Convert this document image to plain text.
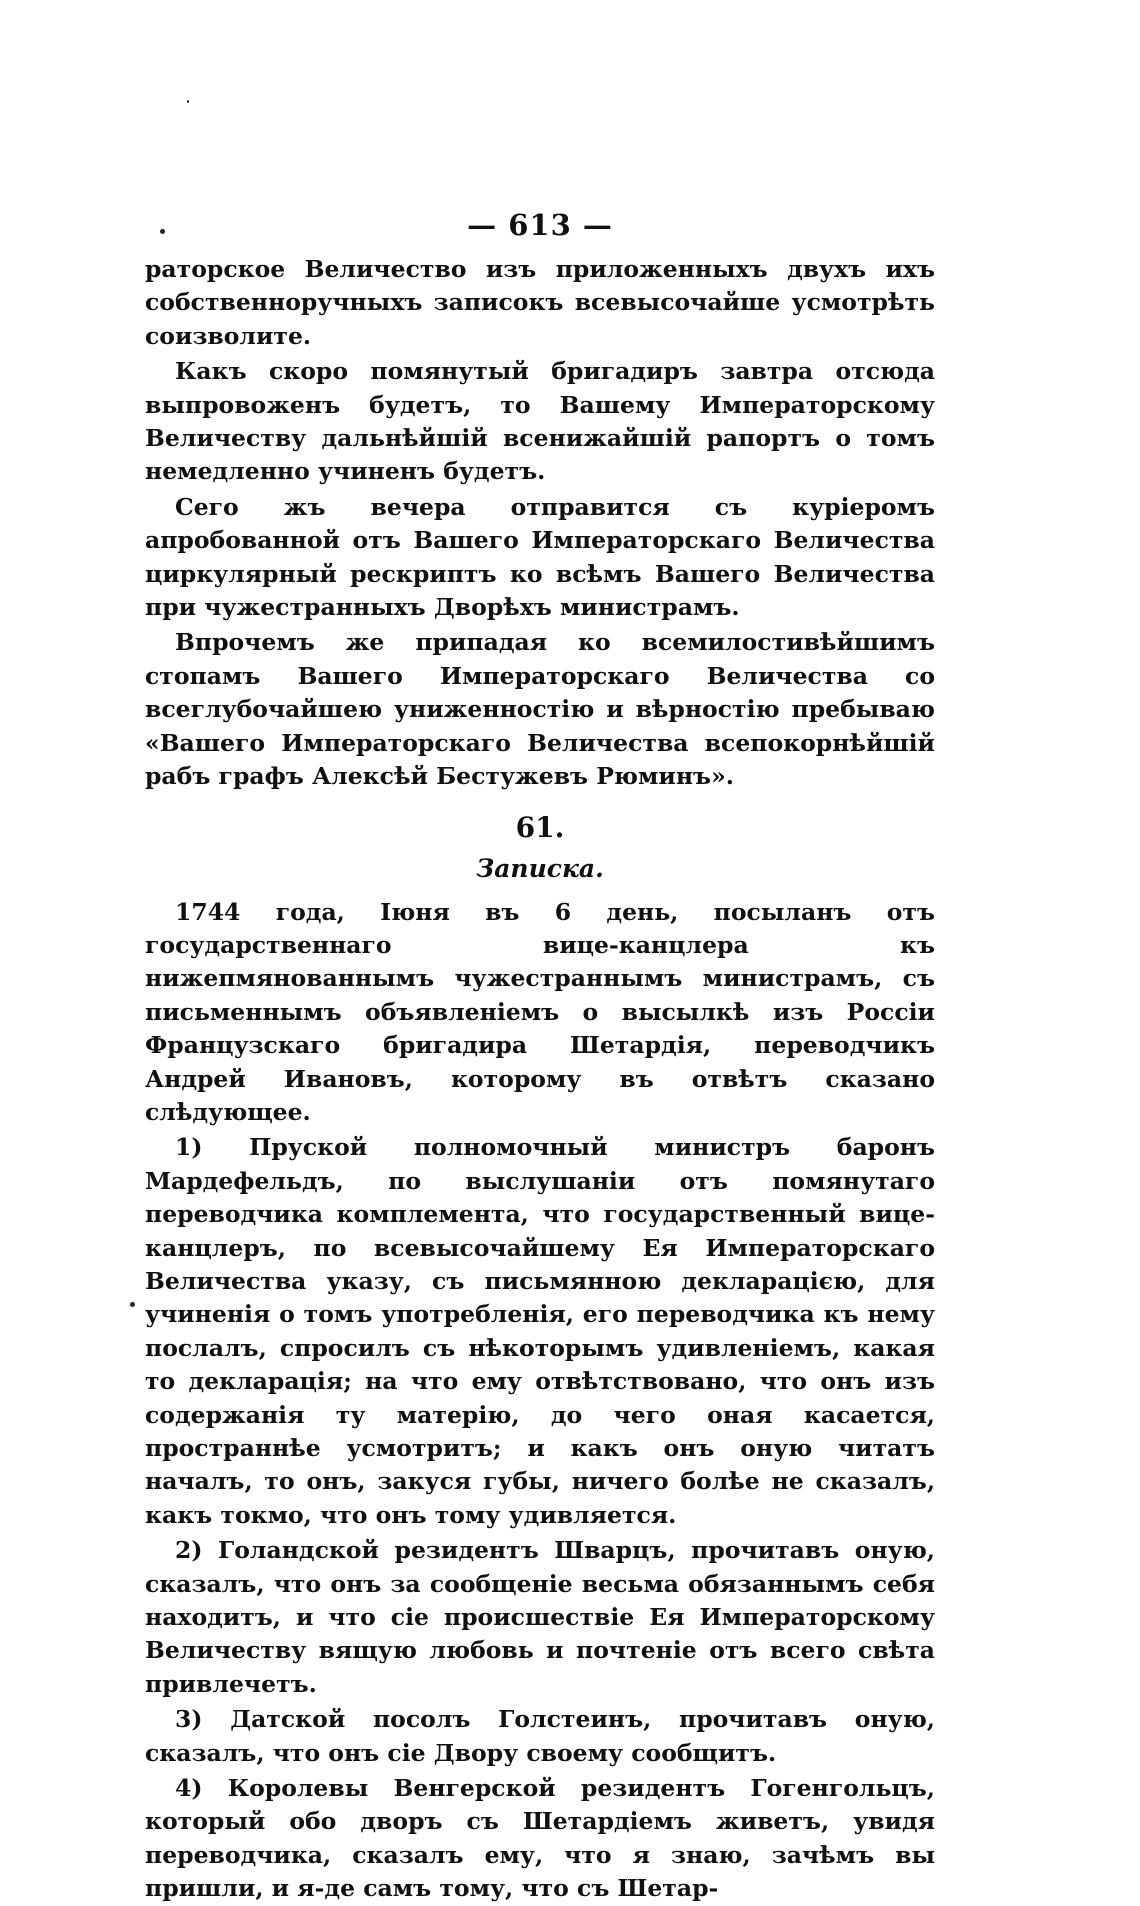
— 613 —

раторское Величество изъ приложенныхъ двухъ ихъ собственноручныхъ записокъ всевысочайше усмотрѣть соизволите.

Какъ скоро помянутый бригадиръ завтра отсюда выпровоженъ будетъ, то Вашему Императорскому Величеству дальнѣйшій всенижайшій рапортъ о томъ немедленно учиненъ будетъ.

Сего жъ вечера отправится съ куріеромъ апробованной отъ Вашего Императорскаго Величества циркулярный рескриптъ ко всѣмъ Вашего Величества при чужестранныхъ Дворѣхъ министрамъ.

Впрочемъ же припадая ко всемилостивѣйшимъ стопамъ Вашего Императорскаго Величества со всеглубочайшею униженностію и вѣрностію пребываю «Вашего Императорскаго Величества всепокорнѣйшій рабъ графъ Алексѣй Бестужевъ Рюминъ».

61.
Записка.

1744 года, Іюня въ 6 день, посыланъ отъ государственнаго вице-канцлера къ нижепмянованнымъ чужестраннымъ министрамъ, съ письменнымъ объявленіемъ о высылкѣ изъ Россіи Французскаго бригадира Шетардія, переводчикъ Андрей Ивановъ, которому въ отвѣтъ сказано слѣдующее.

1) Пруской полномочный министръ баронъ Мардефельдъ, по выслушаніи отъ помянутаго переводчика комплемента, что государственный вице-канцлеръ, по всевысочайшему Ея Императорскаго Величества указу, съ письмянною декларацією, для учиненія о томъ употребленія, его переводчика къ нему послалъ, спросилъ съ нѣкоторымъ удивленіемъ, какая то декларація; на что ему отвѣтствовано, что онъ изъ содержанія ту матерію, до чего оная касается, пространнѣе усмотритъ; и какъ онъ оную читатъ началъ, то онъ, закуся губы, ничего болѣе не сказалъ, какъ токмо, что онъ тому удивляется.

2) Голандской резидентъ Шварцъ, прочитавъ оную, сказалъ, что онъ за сообщеніе весьма обязаннымъ себя находитъ, и что сіе происшествіе Ея Императорскому Величеству вящую любовь и почтеніе отъ всего свѣта привлечетъ.

3) Датской посолъ Голстеинъ, прочитавъ оную, сказалъ, что онъ сіе Двору своему сообщитъ.

4) Королевы Венгерской резидентъ Гогенгольцъ, который обо дворъ съ Шетардіемъ живетъ, увидя переводчика, сказалъ ему, что я знаю, зачѣмъ вы пришли, и я-де самъ тому, что съ Шетар-
